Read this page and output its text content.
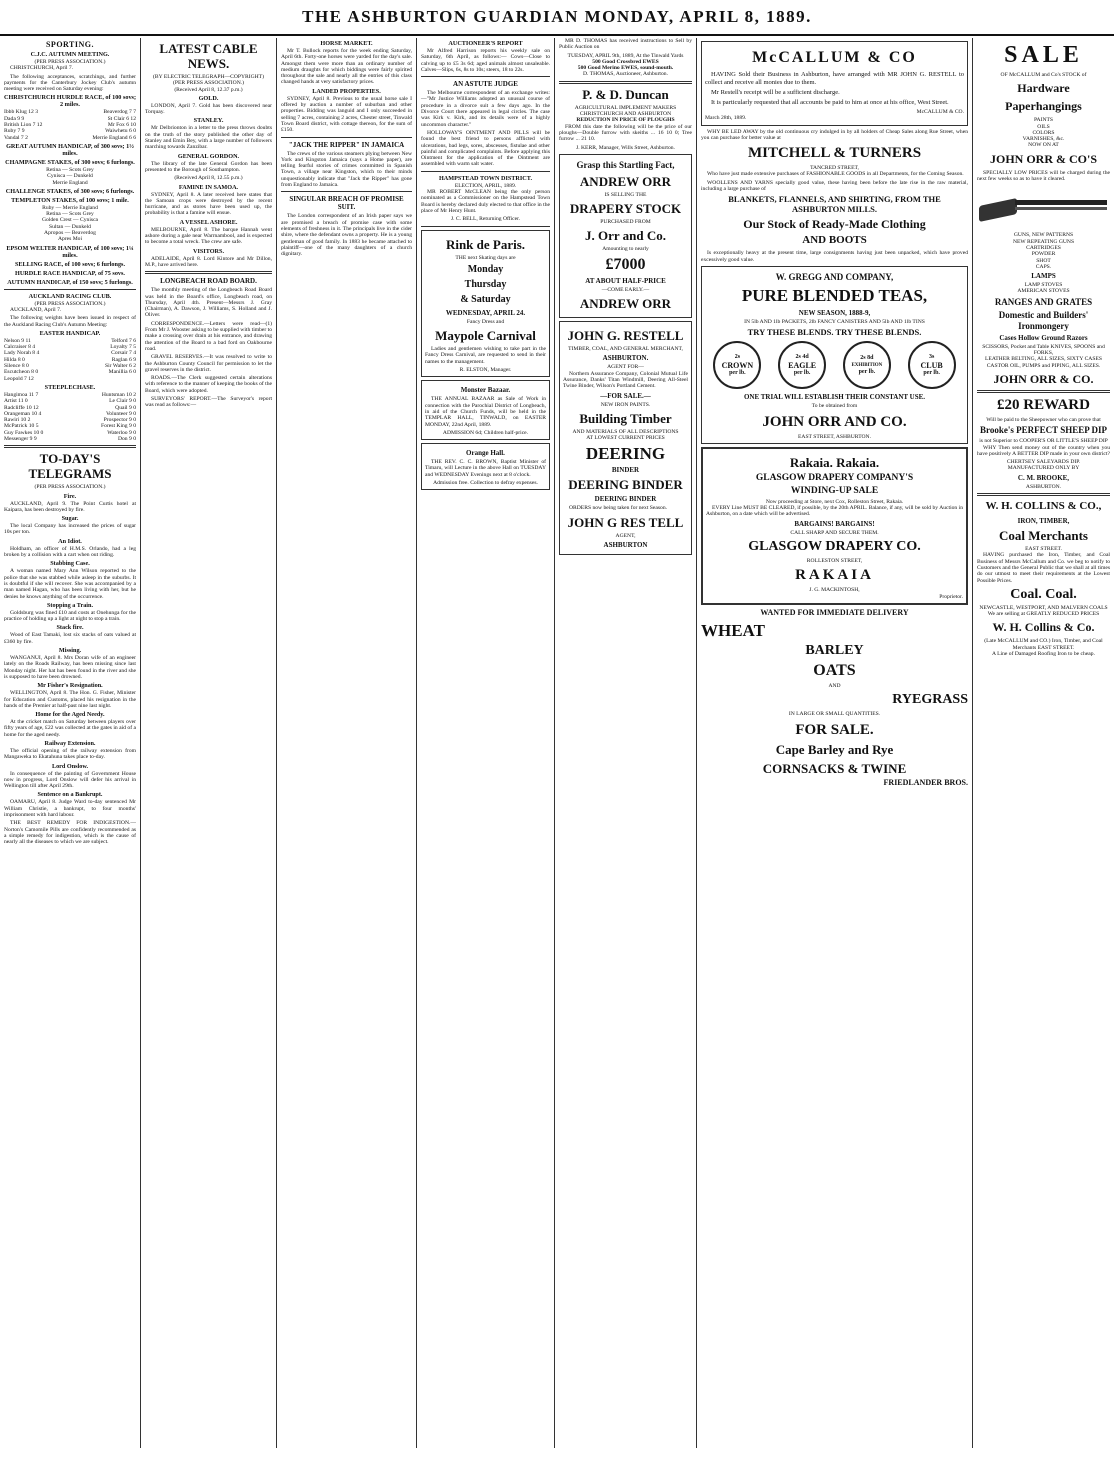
THE ASHBURTON GUARDIAN MONDAY, APRIL 8, 1889.
SPORTING.
C.J.C. AUTUMN MEETING.
(PER PRESS ASSOCIATION.)

CHRISTCHURCH, April 7.

The following acceptances, scratchings, and further payments for the Canterbury Jockey Club's autumn meeting were received on Saturday evening:

CHRISTCHURCH HURDLE RACE, of 100 sovs; 2 miles.
Ibbb Klug 12 3	Beaverdog 7 7
Dada 9 9	St Clair 6 12
British Lion 7 12	Mr Fox 6 10
Ruby 7 9	Waiwhetu 6 0
Vandal 7 2	Merrie England 6 6
GREAT AUTUMN HANDICAP, of 300 sovs; 1½ miles.
CHAMPAGNE STAKES, of 300 sovs; 6 furlongs.
Retina — Scots Grey
Cynisca — Dunkeld
Merrie England
CHALLENGE STAKES, of 300 sovs; 6 furlongs.
TEMPLETON STAKES, of 100 sovs; 1 mile.
Ruby — Merrie England
Retina — Scots Grey
Golden Crest — Cynisca
Sultan — Dunkeld
Apropos — Beaverdog
Apres Moi
EPSOM WELTER HANDICAP, of 100 sovs; 1¼ miles.
SELLING RACE, of 100 sovs; 6 furlongs.
HURDLE RACE HANDICAP, of 75 sovs.
AUTUMN HANDICAP, of 150 sovs; 5 furlongs.
AUCKLAND RACING CLUB.
(PER PRESS ASSOCIATION.)

AUCKLAND, April 7.

The following weights have been issued in respect of the Auckland Racing Club's Autumn Meeting:

EASTER HANDICAP.
Nelson 9 11	Telford 7 6
Calcraiser 8 4	Loyalty 7 5
Lady Norah 8 4	Corsair 7 4
Hilda 8 0	Raglan 6 9
Silence 8 0	Sir Walter 6 2
Escutcheon 8 0	Manillia 6 0
Leopold 7 12
STEEPLECHASE.
Hangimoa 11 7	Huntsman 10 2
Artist 11 0	Le Clair 9 0
Radcliffe 10 12	Quail 9 0
Orangeman 10 4	Volunteer 9 0
Rawiri 10 2	Prospector 9 0
McPatrick 10 5	Forest King 9 0
Guy Fawkes 10 0	Waterloo 9 0
Messenger 9 9	Don 9 0
TO-DAY'S TELEGRAMS
(PER PRESS ASSOCIATION.)
Fire.

AUCKLAND, April 9. The Point Curtis hotel at Kaipara, has been destroyed by fire.

Sugar.

The local Company has increased the prices of sugar 10s per ton.

An Idiot.

Holdham, an officer of H.M.S. Orlando, had a leg broken by a collision with a cart when out riding.

Stabbing Case.

A woman named Mary Ann Wilson reported to the police that she was stabbed while asleep in the suburbs. It is doubtful if she will recover. She was accompanied by a man named Hagan, who has been living with her, but he denies he knows anything of the occurrence.

Stopping a Train.

Goldsburg was fined £10 and costs at Onehunga for the practice of holding up a light at night to stop a train.

Stack fire.

Wood of East Tamaki, lost six stacks of oats valued at £360 by fire.

Missing.

WANGANUI, April 8. Mrs Doran wife of an engineer lately on the Roads Railway, has been missing since last Monday night. Her hat has been found in the river and she is supposed to have been drowned.

Mr Fisher's Resignation.

WELLINGTON, April 8. The Hon. G. Fisher, Minister for Education and Customs, placed his resignation in the hands of the Premier at half-past nine last night.

Home for the Aged Needy.

At the cricket match on Saturday between players over fifty years of age, £22 was collected at the gates in aid of a home for the aged needy.

Railway Extension.

The official opening of the railway extension from Mangaweka to Ekatahuna takes place to-day.

Lord Onslow.

In consequence of the painting of Government House now in progress, Lord Onslow will defer his arrival in Wellington till after April 29th.

Sentence on a Bankrupt.

OAMARU, April 8. Judge Ward to-day sentenced Mr William Christie, a bankrupt, to four months' imprisonment with hard labour.

THE BEST REMEDY FOR INDIGESTION.— Norton's Camomile Pills are confidently recommended as a simple remedy for indigestion, which is the cause of nearly all the diseases to which we are subject.

LATEST CABLE NEWS.
(BY ELECTRIC TELEGRAPH—COPYRIGHT)
(PER PRESS ASSOCIATION.)
(Received April 8, 12.37 p.m.)
GOLD.

LONDON, April 7. Gold has been discovered near Torquay.

STANLEY.

Mr Delbrionton in a letter to the press throws doubts on the truth of the story published the other day of Stanley and Emin Bey, with a large number of followers marching towards Zanzibar.

GENERAL GORDON.

The library of the late General Gordon has been presented to the Borough of Southampton.

(Received April 8, 12.55 p.m.)
FAMINE IN SAMOA.

SYDNEY, April 8. A later received here states that the Samoan crops were destroyed by the recent hurricane, and as stores have been used up, the probability is that a famine will ensue.

A VESSEL ASHORE.

MELBOURNE, April 8. The barque Hannah went ashore during a gale near Warrnambool, and is expected to become a total wreck. The crew are safe.

VISITORS.

ADELAIDE, April 8. Lord Kintore and Mr Dillon, M.P., have arrived here.

LONGBEACH ROAD BOARD.

The monthly meeting of the Longbeach Road Board was held in the Board's office, Longbeach road, on Thursday, April 4th. Present—Messrs J. Gray (Chairman), A. Dawson, J. Williams, S. Holland and J. Oliver.

CORRESPONDENCE.—Letters were read—(1) From Mr J. Wooster asking to be supplied with timber to make a crossing over drain at his entrance, and drawing the attention of the Board to a bad ford on Oakbourne road.

GRAVEL RESERVES.—It was resolved to write to the Ashburton County Council for permission to let the gravel reserves in the district.

ROADS.—The Clerk suggested certain alterations with reference to the manner of keeping the books of the Board, which were adopted.

SURVEYORS' REPORT.—The Surveyor's report was read as follows:—

HORSE MARKET.

Mr T. Bullock reports for the week ending Saturday, April 6th. Forty-one horses were yarded for the day's sale. Amongst them were more than an ordinary number of medium draughts for which biddings were fairly spirited throughout the sale and nearly all the entries of this class changed hands at very satisfactory prices.

LANDED PROPERTIES.

SYDNEY, April 8. Previous to the usual horse sale I offered by auction a number of suburban and other properties. Bidding was languid and I only succeeded in selling 7 acres, containing 2 acres, Chester street, Tinwald Town Board district, with cottage thereon, for the sum of £150.

"JACK THE RIPPER" IN JAMAICA

The crews of the various steamers plying between New York and Kingston Jamaica (says a Home paper), are telling fearful stories of crimes committed in Spanish Town, a village near Kingston, which to their minds unquestionably indicate that "Jack the Ripper" has gone from England to Jamaica.

SINGULAR BREACH OF PROMISE SUIT.

The London correspondent of an Irish paper says we are promised a breach of promise case with some elements of freshness in it. The principals live in the cider shire, where the defendant owns a property. He is a young gentleman of good family. In 1883 he became attached to plaintiff—one of the many daughters of a church dignitary.

AUCTIONEER'S REPORT

Mr Alfred Harrison reports his weekly sale on Saturday, 6th April, as follows:— Cows—Close to calving up to £5 3s 6d; aged animals almost unsaleable. Calves—Slips, 6s, 8s to 10s; steers, 18 to 22s.

AN ASTUTE JUDGE

The Melbourne correspondent of an exchange writes:—"Mr Justice Williams adopted an unusual course of procedure in a divorce suit a few days ago. In the Divorce Court there appeared in legal circles. The case was Kirk v. Kirk, and its details were of a highly uncommon character."

HOLLOWAY'S OINTMENT AND PILLS will be found the best friend to persons afflicted with ulcerations, bad legs, sores, abscesses, fistulae and other painful and complicated complaints. Before applying this Ointment for the application of the Ointment are assembled with warm salt water.

HAMPSTEAD TOWN DISTRICT.
ELECTION, APRIL, 1889.

MR ROBERT McCLEAN being the only person nominated as a Commissioner on the Hampstead Town Board is hereby declared duly elected to that office in the place of Mr Henry Hunt.

J. C. BELL, Returning Officer.
Rink de Paris.
THE next Skating days are
Monday
Thursday
& Saturday
WEDNESDAY, APRIL 24.
Fancy Dress and
Maypole Carnival

Ladies and gentlemen wishing to take part in the Fancy Dress Carnival, are requested to send in their names to the management.

R. ELSTON, Manager.
Monster Bazaar.

THE ANNUAL BAZAAR as Sale of Work in connection with the Parochial District of Longbeach, in aid of the Church Funds, will be held in the TEMPLAR HALL, TINWALD, on EASTER MONDAY, 22nd April, 1889.

ADMISSION 6d; Children half-price.
Orange Hall.

THE REV. C. C. BROWN, Baptist Minister of Timaru, will Lecture in the above Hall on TUESDAY and WEDNESDAY Evenings next at 8 o'clock.

Admission free. Collection to defray expenses.

MR D. THOMAS has received instructions to Sell by Public Auction on

TUESDAY, APRIL 9th, 1889, At the Tinwald Yards
500 Good Crossbred EWES
500 Good Merino EWES, sound-mouth.
D. THOMAS, Auctioneer, Ashburton.
P. & D. Duncan
AGRICULTURAL IMPLEMENT MAKERS
CHRISTCHURCH AND ASHBURTON
REDUCTION IN PRICE OF PLOUGHS

FROM this date the following will be the price of our ploughs—Double furrow with skeiths ... 16 10 0; Tree furrow ... 21 10.

J. KERR, Manager, Wills Street, Ashburton.
Grasp this Startling Fact,
ANDREW ORR
IS SELLING THE
DRAPERY STOCK
PURCHASED FROM
J. Orr and Co.
Amounting to nearly
£7000
AT ABOUT HALF-PRICE
—COME EARLY.—
ANDREW ORR
JOHN G. RESTELL
TIMBER, COAL, AND GENERAL MERCHANT,
ASHBURTON.
AGENT FOR—

Northern Assurance Company, Colonial Mutual Life Assurance, Danks' Titan Windmill, Deering All-Steel Twine Binder, Wilson's Portland Cement.

—FOR SALE.—
NEW IRON PAINTS.
Building Timber
AND MATERIALS OF ALL DESCRIPTIONS
AT LOWEST CURRENT PRICES
DEERING
BINDER
DEERING BINDER
DEERING BINDER

ORDERS now being taken for next Season.

JOHN G RES TELL
AGENT,
ASHBURTON
McCALLUM & CO

HAVING Sold their Business in Ashburton, have arranged with MR JOHN G. RESTELL to collect and receive all monies due to them.

Mr Restell's receipt will be a sufficient discharge.

It is particularly requested that all accounts be paid to him at once at his office, West Street.

McCALLUM & CO.
March 28th, 1889.

WHY BE LED AWAY by the old continuous cry indulged in by all holders of Cheap Sales along Rue Street, when you can purchase for better value at

MITCHELL & TURNERS
TANCRED STREET,

Who have just made extensive purchases of FASHIONABLE GOODS in all Departments, for the Coming Season.

WOOLLENS AND YARNS specially good value, these having been before the late rise in the raw material, including a large purchase of

BLANKETS, FLANNELS, AND SHIRTING, FROM THE ASHBURTON MILLS.
Our Stock of Ready-Made Clothing
AND BOOTS

Is exceptionally heavy at the present time, large consignments having just been unpacked, which have proved excessively good value.

W. GREGG AND COMPANY,
PURE BLENDED TEAS,
NEW SEASON, 1888-9,
IN 5lb AND 1lb PACKETS, 2lb FANCY CANISTERS AND 5lb AND 1lb TINS
TRY THESE BLENDS. TRY THESE BLENDS.
2s
CROWN
per lb.
2s 4d
EAGLE
per lb.
2s 8d
EXHIBITION
per lb.
3s
CLUB
per lb.
ONE TRIAL WILL ESTABLISH THEIR CONSTANT USE.
To be obtained from
JOHN ORR AND CO.
EAST STREET, ASHBURTON.
Rakaia. Rakaia.
GLASGOW DRAPERY COMPANY'S
WINDING-UP SALE
Now proceeding at Store, next Cox, Rolleston Street, Rakaia.

EVERY Line MUST BE CLEARED, if possible, by the 20th APRIL. Balance, if any, will be sold by Auction in Ashburton, on a date which will be advertised.

BARGAINS! BARGAINS!
CALL SHARP AND SECURE THEM.
GLASGOW DRAPERY CO.
ROLLESTON STREET,
RAKAIA
J. G. MACKINTOSH,
Proprietor.
WANTED FOR IMMEDIATE DELIVERY
WHEAT
BARLEY
OATS
AND
RYEGRASS
IN LARGE OR SMALL QUANTITIES.
FOR SALE.
Cape Barley and Rye
CORNSACKS & TWINE
FRIEDLANDER BROS.
SALE
OF McCALLUM and Co's STOCK of
Hardware
Paperhangings
PAINTS
OILS
COLORS
VARNISHES, &c.
NOW ON AT
JOHN ORR & CO'S

SPECIALLY LOW PRICES will be charged during the next few weeks so as to have it cleared.

GUNS, NEW PATTERNS
NEW REPEATING GUNS
CARTRIDGES
POWDER
SHOT
CAPS.
LAMPS
LAMP STOVES
AMERICAN STOVES
RANGES AND GRATES
Domestic and Builders' Ironmongery
Cases Hollow Ground Razors
SCISSORS, Pocket and Table KNIVES, SPOONS and FORKS,
LEATHER BELTING, ALL SIZES, SIXTY CASES CASTOR OIL, PUMPS and PIPING, ALL SIZES.
JOHN ORR & CO.
£20 REWARD
Will be paid to the Sheepowner who can prove that
Brooke's PERFECT SHEEP DIP
is not Superior to COOPER'S OR LITTLE'S SHEEP DIP

WHY Then send money out of the country when you have positively A BETTER DIP made in your own district?

CHERTSEY SALEYARDS DIP.
MANUFACTURED ONLY BY
C. M. BROOKE,
ASHBURTON.
W. H. COLLINS & CO.,
IRON, TIMBER,
Coal Merchants
EAST STREET.

HAVING purchased the Iron, Timber, and Coal Business of Messrs McCallum and Co. we beg to notify to Customers and the General Public that we shall at all times do our utmost to meet their requirements at the Lowest Possible Prices.

Coal. Coal.
NEWCASTLE, WESTPORT, AND MALVERN COALS
We are selling at GREATLY REDUCED PRICES
W. H. Collins & Co.
(Late McCALLUM and CO.) Iron, Timber, and Coal Merchants EAST STREET.
A Line of Damaged Roofing Iron to be cheap.
